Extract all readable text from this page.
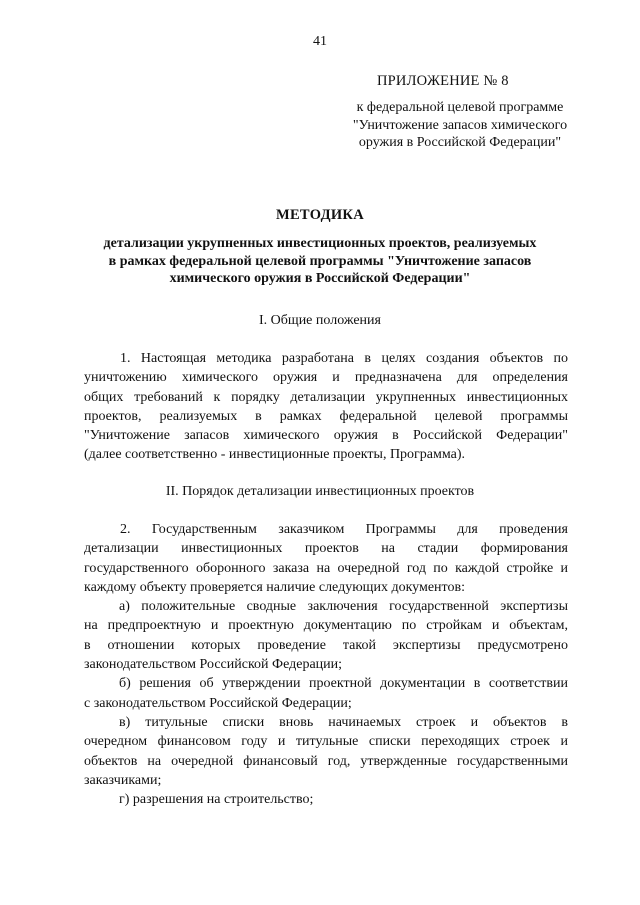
41
ПРИЛОЖЕНИЕ № 8
к федеральной целевой программе
"Уничтожение запасов химического
оружия в Российской Федерации"
МЕТОДИКА
детализации укрупненных инвестиционных проектов, реализуемых
в рамках федеральной целевой программы "Уничтожение запасов
химического оружия в Российской Федерации"
I. Общие положения
1. Настоящая методика разработана в целях создания объектов по
уничтожению химического оружия и предназначена для определения
общих требований к порядку детализации укрупненных инвестиционных
проектов, реализуемых в рамках федеральной целевой программы
"Уничтожение запасов химического оружия в Российской Федерации"
(далее соответственно - инвестиционные проекты, Программа).
II. Порядок детализации инвестиционных проектов
2. Государственным заказчиком Программы для проведения
детализации инвестиционных проектов на стадии формирования
государственного оборонного заказа на очередной год по каждой стройке и
каждому объекту проверяется наличие следующих документов:
а) положительные сводные заключения государственной экспертизы
на предпроектную и проектную документацию по стройкам и объектам,
в отношении которых проведение такой экспертизы предусмотрено
законодательством Российской Федерации;
б) решения об утверждении проектной документации в соответствии
с законодательством Российской Федерации;
в) титульные списки вновь начинаемых строек и объектов в
очередном финансовом году и титульные списки переходящих строек и
объектов на очередной финансовый год, утвержденные государственными
заказчиками;
г) разрешения на строительство;
